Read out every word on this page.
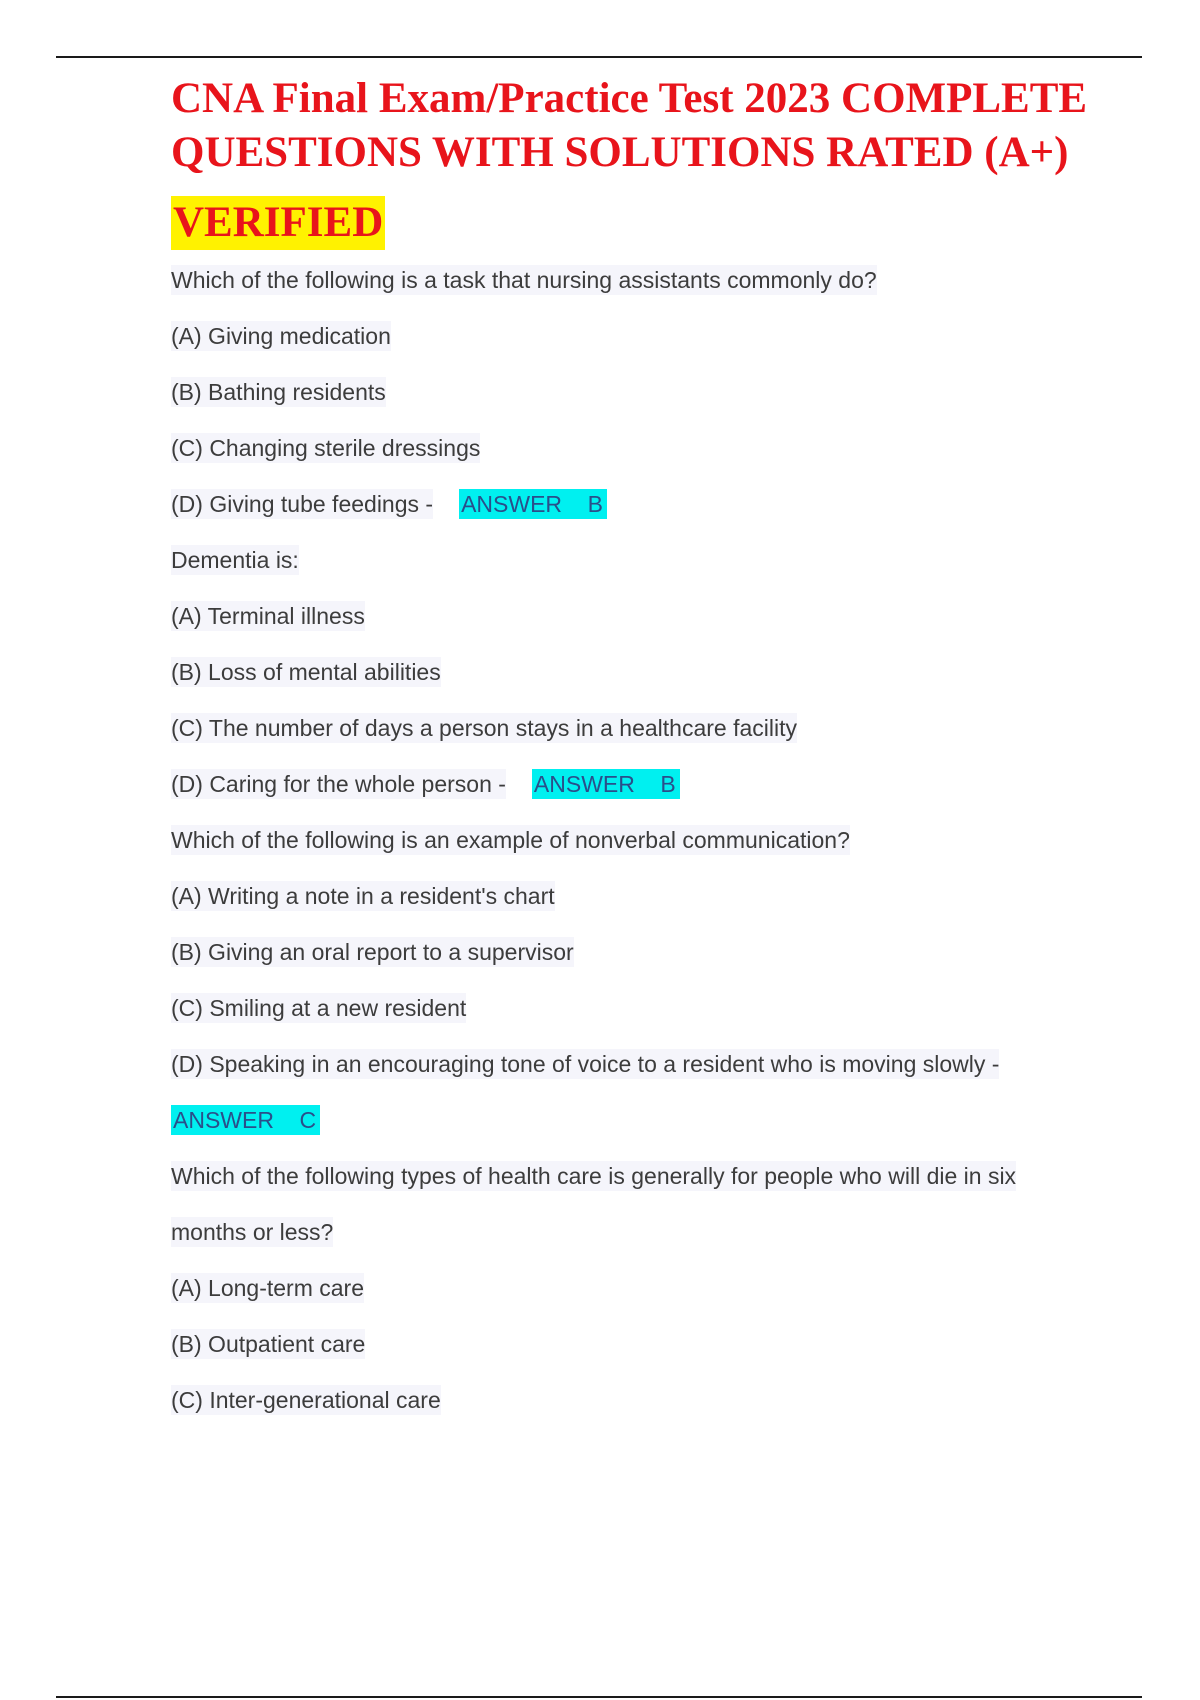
CNA Final Exam/Practice Test 2023 COMPLETE QUESTIONS WITH SOLUTIONS RATED (A+)
VERIFIED
Which of the following is a task that nursing assistants commonly do?
(A) Giving medication
(B) Bathing residents
(C) Changing sterile dressings
(D) Giving tube feedings - ANSWER    B
Dementia is:
(A) Terminal illness
(B) Loss of mental abilities
(C) The number of days a person stays in a healthcare facility
(D) Caring for the whole person - ANSWER    B
Which of the following is an example of nonverbal communication?
(A) Writing a note in a resident's chart
(B) Giving an oral report to a supervisor
(C) Smiling at a new resident
(D) Speaking in an encouraging tone of voice to a resident who is moving slowly -
ANSWER    C
Which of the following types of health care is generally for people who will die in six
months or less?
(A) Long-term care
(B) Outpatient care
(C) Inter-generational care
